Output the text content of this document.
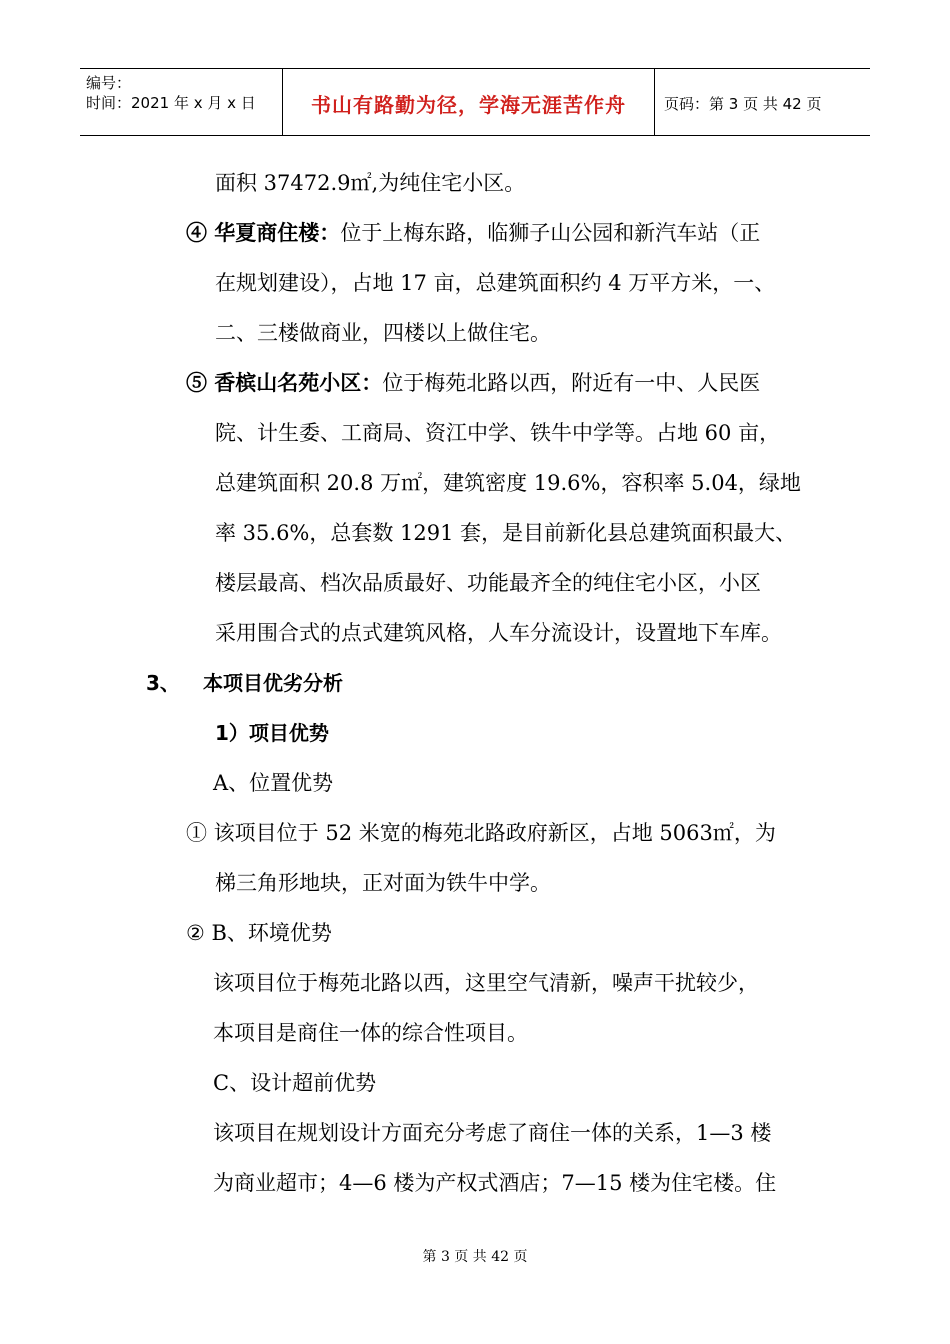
编号：
时间：2021 年 x 月 x 日	书山有路勤为径，学海无涯苦作舟	页码：第 3 页 共 42 页
面积 37472.9㎡,为纯住宅小区。
④ 华夏商住楼：位于上梅东路，临狮子山公园和新汽车站（正
在规划建设），占地 17 亩，总建筑面积约 4 万平方米，一、
二、三楼做商业，四楼以上做住宅。
⑤ 香槟山名苑小区：位于梅苑北路以西，附近有一中、人民医
院、计生委、工商局、资江中学、铁牛中学等。占地 60 亩，
总建筑面积 20.8 万㎡，建筑密度 19.6%，容积率 5.04，绿地
率 35.6%，总套数 1291 套，是目前新化县总建筑面积最大、
楼层最高、档次品质最好、功能最齐全的纯住宅小区，小区
采用围合式的点式建筑风格，人车分流设计，设置地下车库。
3、 本项目优劣分析
1）项目优势
A、位置优势
① 该项目位于 52 米宽的梅苑北路政府新区，占地 5063㎡，为
梯三角形地块，正对面为铁牛中学。
② B、环境优势
该项目位于梅苑北路以西，这里空气清新，噪声干扰较少，
本项目是商住一体的综合性项目。
C、设计超前优势
该项目在规划设计方面充分考虑了商住一体的关系，1—3 楼
为商业超市；4—6 楼为产权式酒店；7—15 楼为住宅楼。住
第 3 页 共 42 页
